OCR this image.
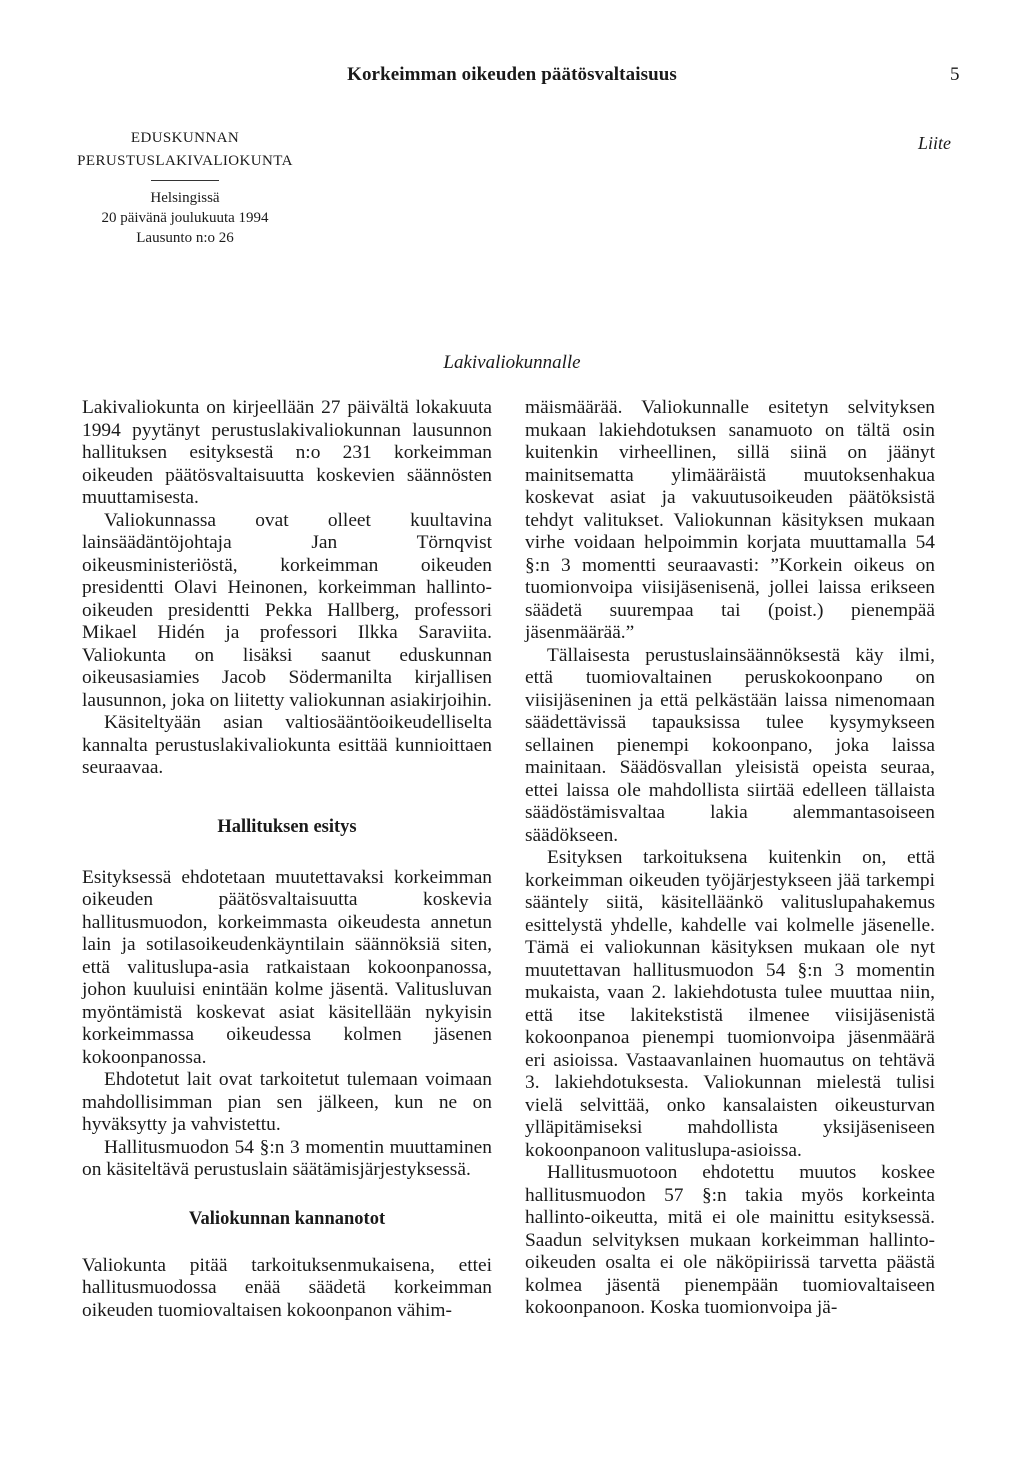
Korkeimman oikeuden päätösvaltaisuus	5
EDUSKUNNAN
PERUSTUSLAKIVALIOKUNTA
Helsingissä
20 päivänä joulukuuta 1994
Lausunto n:o 26
Liite
Lakivaliokunnalle

Lakivaliokunta on kirjeellään 27 päivältä lokakuuta 1994 pyytänyt perustuslakivaliokunnan lausunnon hallituksen esityksestä n:o 231 korkeimman oikeuden päätösvaltaisuutta koskevien säännösten muuttamisesta.

Valiokunnassa ovat olleet kuultavina lainsäädäntöjohtaja Jan Törnqvist oikeusministeriöstä, korkeimman oikeuden presidentti Olavi Heinonen, korkeimman hallinto-oikeuden presidentti Pekka Hallberg, professori Mikael Hidén ja professori Ilkka Saraviita. Valiokunta on lisäksi saanut eduskunnan oikeusasiamies Jacob Södermanilta kirjallisen lausunnon, joka on liitetty valiokunnan asiakirjoihin.

Käsiteltyään asian valtiosääntöoikeudelliselta kannalta perustuslakivaliokunta esittää kunnioittaen seuraavaa.

Hallituksen esitys

Esityksessä ehdotetaan muutettavaksi korkeimman oikeuden päätösvaltaisuutta koskevia hallitusmuodon, korkeimmasta oikeudesta annetun lain ja sotilasoikeudenkäyntilain säännöksiä siten, että valituslupa-asia ratkaistaan kokoonpanossa, johon kuuluisi enintään kolme jäsentä. Valitusluvan myöntämistä koskevat asiat käsitellään nykyisin korkeimmassa oikeudessa kolmen jäsenen kokoonpanossa.

Ehdotetut lait ovat tarkoitetut tulemaan voimaan mahdollisimman pian sen jälkeen, kun ne on hyväksytty ja vahvistettu.

Hallitusmuodon 54 §:n 3 momentin muuttaminen on käsiteltävä perustuslain säätämisjärjestyksessä.

Valiokunnan kannanotot

Valiokunta pitää tarkoituksenmukaisena, ettei hallitusmuodossa enää säädetä korkeimman oikeuden tuomiovaltaisen kokoonpanon vähim-

mäismäärää. Valiokunnalle esitetyn selvityksen mukaan lakiehdotuksen sanamuoto on tältä osin kuitenkin virheellinen, sillä siinä on jäänyt mainitsematta ylimääräistä muutoksenhakua koskevat asiat ja vakuutusoikeuden päätöksistä tehdyt valitukset. Valiokunnan käsityksen mukaan virhe voidaan helpoimmin korjata muuttamalla 54 §:n 3 momentti seuraavasti: ”Korkein oikeus on tuomionvoipa viisijäsenisenä, jollei laissa erikseen säädetä suurempaa tai (poist.) pienempää jäsenmäärää.”

Tällaisesta perustuslainsäännöksestä käy ilmi, että tuomiovaltainen peruskokoonpano on viisijäseninen ja että pelkästään laissa nimenomaan säädettävissä tapauksissa tulee kysymykseen sellainen pienempi kokoonpano, joka laissa mainitaan. Säädösvallan yleisistä opeista seuraa, ettei laissa ole mahdollista siirtää edelleen tällaista säädöstämisvaltaa lakia alemmantasoiseen säädökseen.

Esityksen tarkoituksena kuitenkin on, että korkeimman oikeuden työjärjestykseen jää tarkempi sääntely siitä, käsitelläänkö valituslupahakemus esittelystä yhdelle, kahdelle vai kolmelle jäsenelle. Tämä ei valiokunnan käsityksen mukaan ole nyt muutettavan hallitusmuodon 54 §:n 3 momentin mukaista, vaan 2. lakiehdotusta tulee muuttaa niin, että itse lakitekstistä ilmenee viisijäsenistä kokoonpanoa pienempi tuomionvoipa jäsenmäärä eri asioissa. Vastaavanlainen huomautus on tehtävä 3. lakiehdotuksesta. Valiokunnan mielestä tulisi vielä selvittää, onko kansalaisten oikeusturvan ylläpitämiseksi mahdollista yksijäseniseen kokoonpanoon valituslupa-asioissa.

Hallitusmuotoon ehdotettu muutos koskee hallitusmuodon 57 §:n takia myös korkeinta hallinto-oikeutta, mitä ei ole mainittu esityksessä. Saadun selvityksen mukaan korkeimman hallinto-oikeuden osalta ei ole näköpiirissä tarvetta päästä kolmea jäsentä pienempään tuomiovaltaiseen kokoonpanoon. Koska tuomionvoipa jä-
